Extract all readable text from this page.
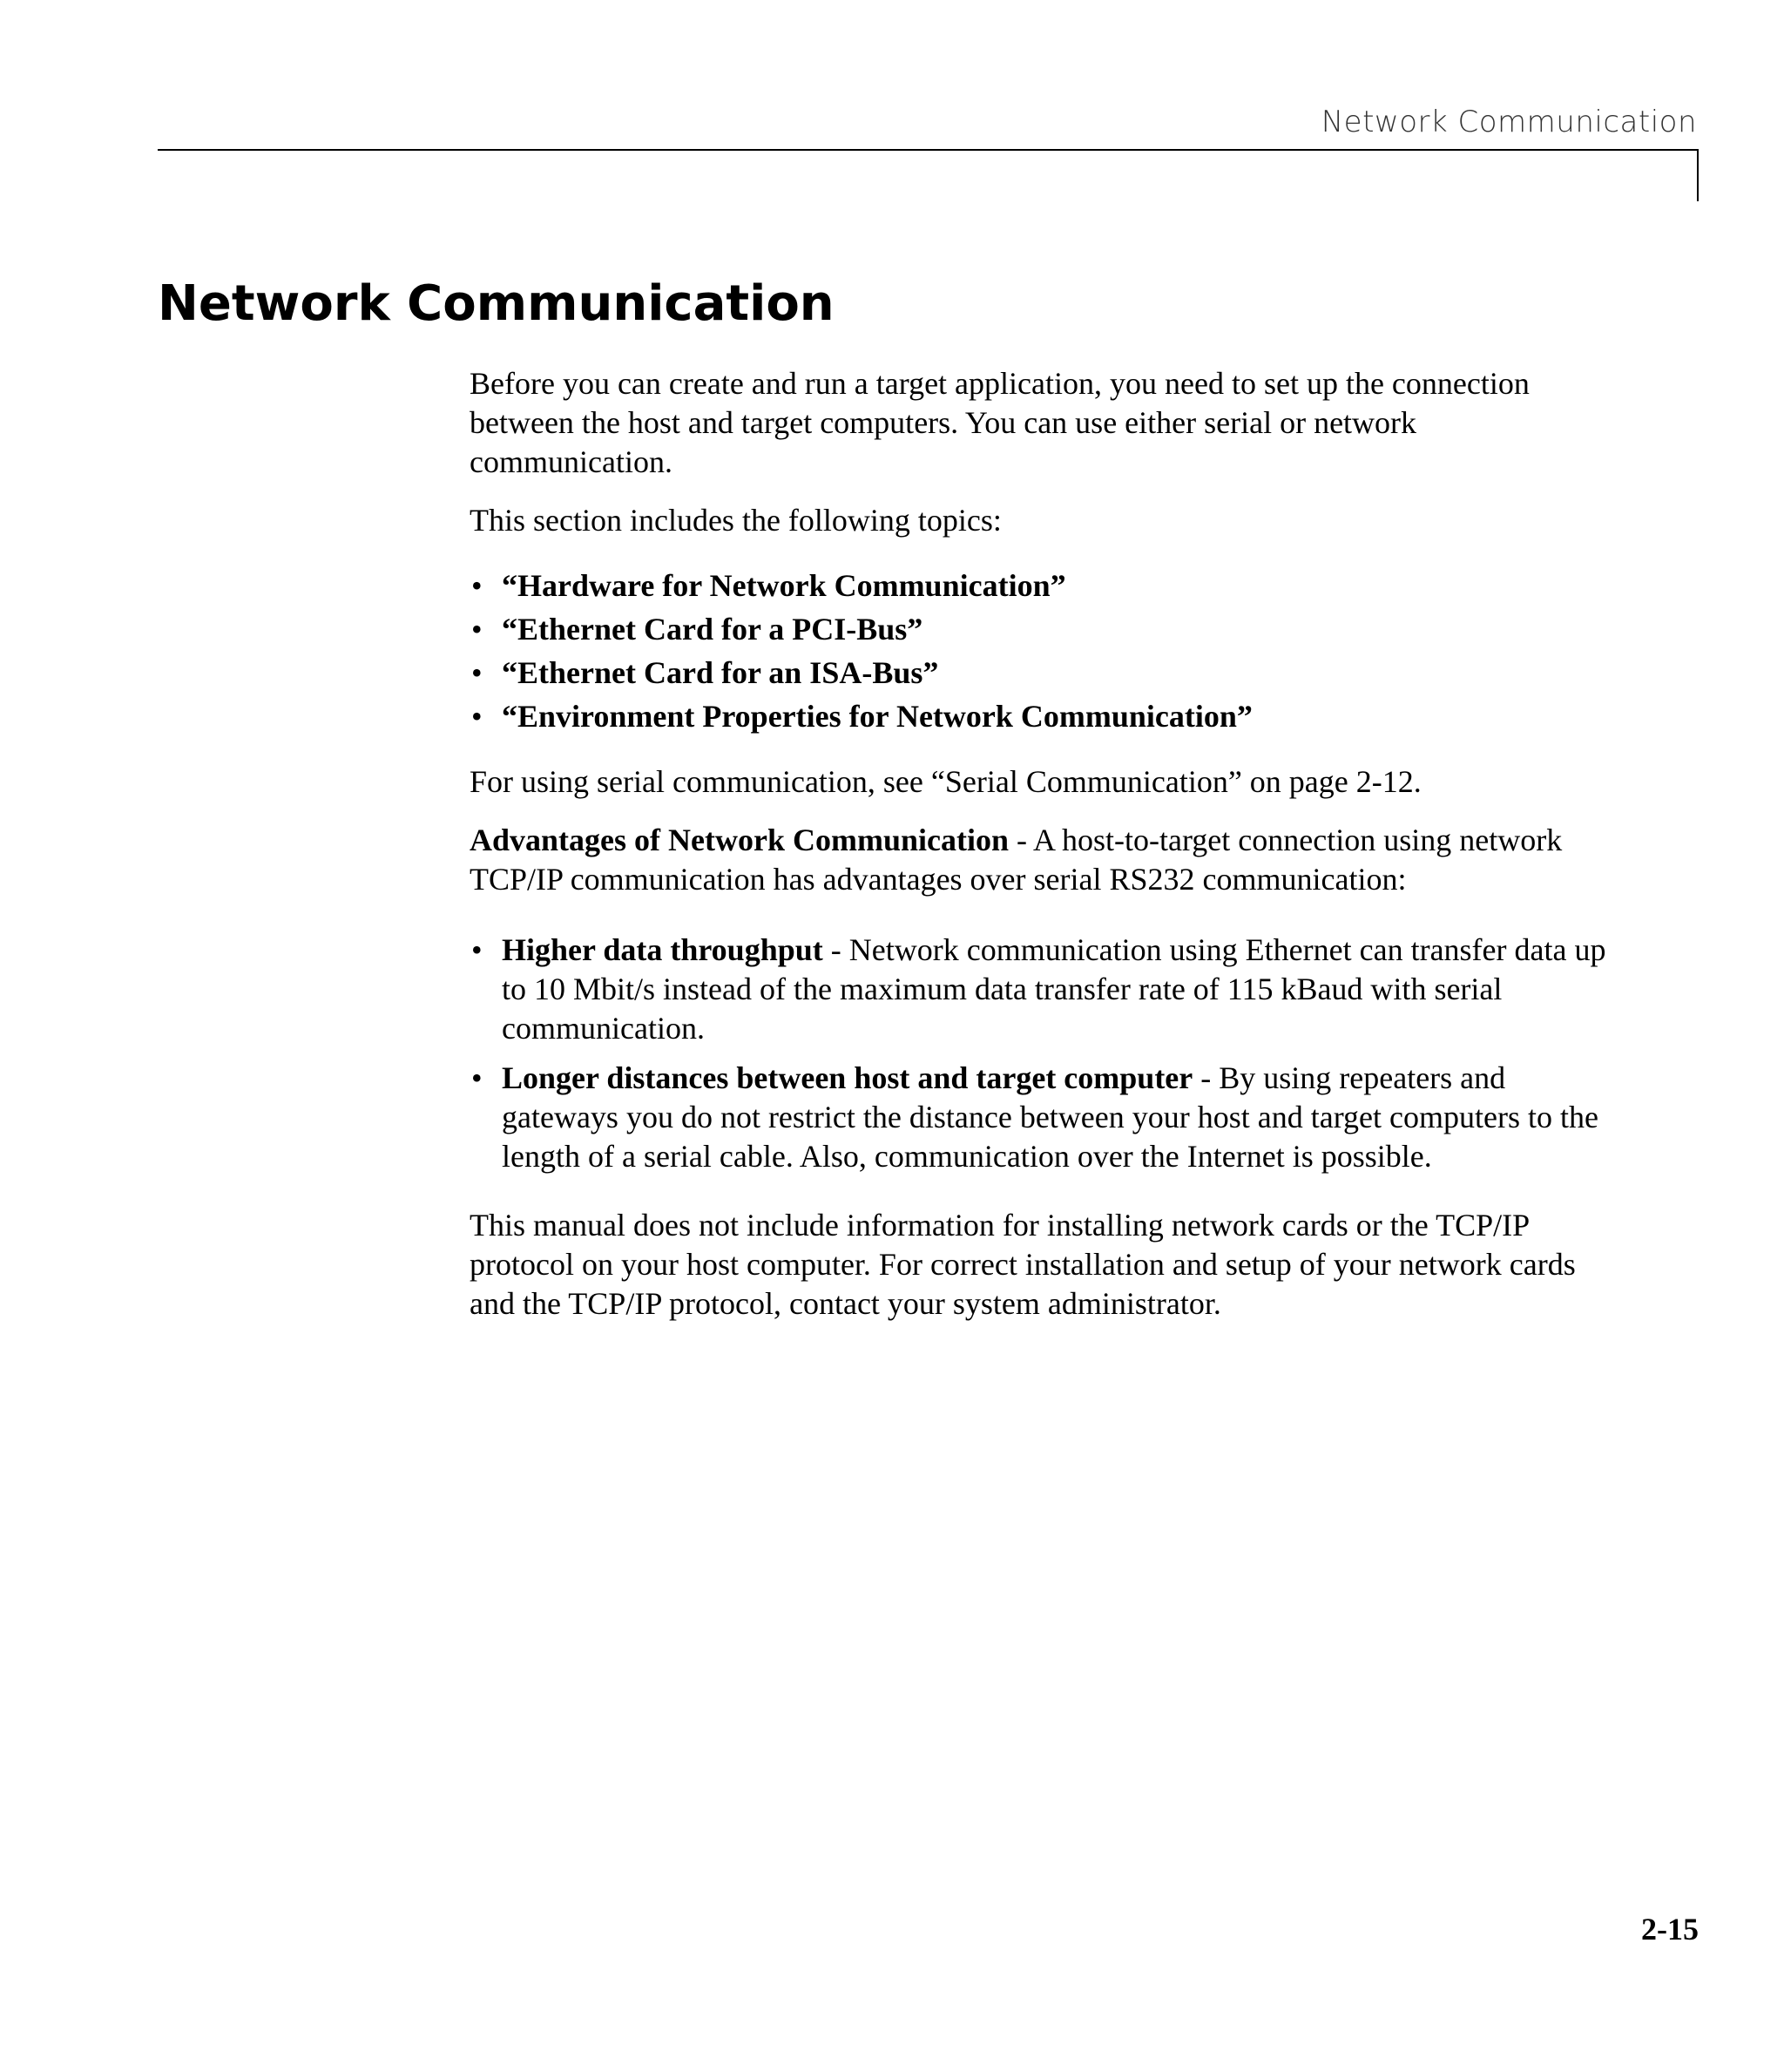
Network Communication
Network Communication

Before you can create and run a target application, you need to set up the connection between the host and target computers. You can use either serial or network communication.

This section includes the following topics:

• “Hardware for Network Communication”
• “Ethernet Card for a PCI-Bus”
• “Ethernet Card for an ISA-Bus”
• “Environment Properties for Network Communication”

For using serial communication, see “Serial Communication” on page 2-12.

Advantages of Network Communication - A host-to-target connection using network TCP/IP communication has advantages over serial RS232 communication:

• Higher data throughput - Network communication using Ethernet can transfer data up to 10 Mbit/s instead of the maximum data transfer rate of 115 kBaud with serial communication.
• Longer distances between host and target computer - By using repeaters and gateways you do not restrict the distance between your host and target computers to the length of a serial cable. Also, communication over the Internet is possible.

This manual does not include information for installing network cards or the TCP/IP protocol on your host computer. For correct installation and setup of your network cards and the TCP/IP protocol, contact your system administrator.

2-15
